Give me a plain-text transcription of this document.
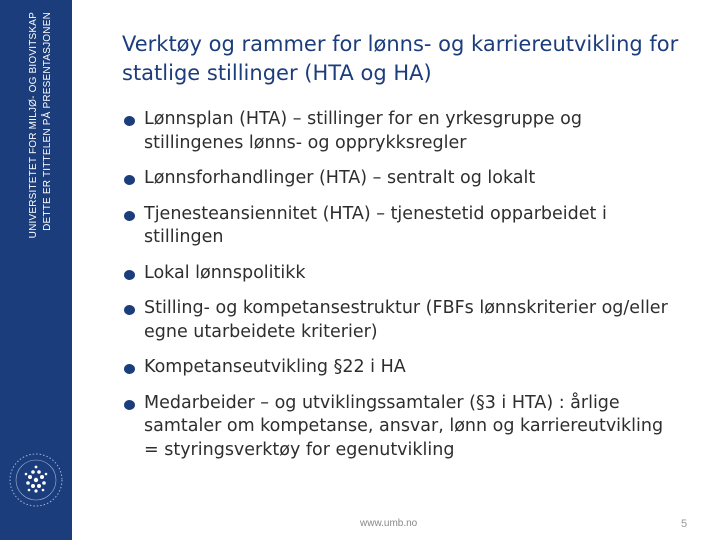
DETTE ER TITTELEN PÅ PRESENTASJONEN
UNIVERSITETET FOR MILJØ- OG BIOVITSKAP	Verktøy og rammer for lønns- og karriereutvikling for statlige stillinger (HTA og HA)
Lønnsplan (HTA) – stillinger for en yrkesgruppe og stillingenes lønns- og opprykksregler
Lønnsforhandlinger (HTA) – sentralt og lokalt
Tjenesteansiennitet (HTA) – tjenestetid opparbeidet i stillingen
Lokal lønnspolitikk
Stilling- og kompetansestruktur (FBFs lønnskriterier og/eller egne utarbeidete kriterier)
Kompetanseutvikling §22 i HA
Medarbeider – og utviklingssamtaler (§3 i HTA) : årlige samtaler om kompetanse, ansvar, lønn og karriereutvikling = styringsverktøy for egenutvikling
www.umb.no	5
